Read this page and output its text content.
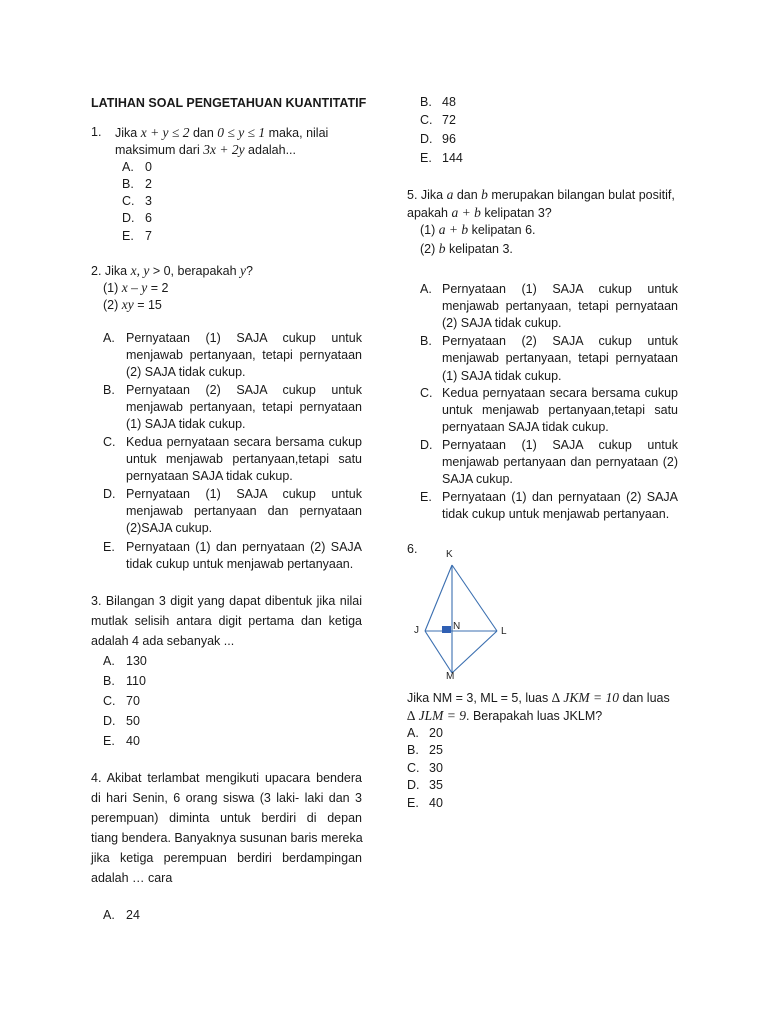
LATIHAN SOAL PENGETAHUAN KUANTITATIF
1. Jika x + y ≤ 2 dan 0 ≤ y ≤ 1 maka, nilai
maksimum dari 3x + 2y adalah...
A. 0
B. 2
C. 3
D. 6
E. 7
2. Jika x, y > 0, berapakah y?
(1) x – y = 2
(2) xy = 15
A. Pernyataan (1) SAJA cukup untuk
menjawab pertanyaan, tetapi pernyataan
(2) SAJA tidak cukup.
B. Pernyataan (2) SAJA cukup untuk
menjawab pertanyaan, tetapi pernyataan
(1) SAJA tidak cukup.
C. Kedua pernyataan secara bersama cukup
untuk menjawab pertanyaan,tetapi satu
pernyataan SAJA tidak cukup.
D. Pernyataan (1) SAJA cukup untuk
menjawab pertanyaan dan pernyataan
(2)SAJA cukup.
E. Pernyataan (1) dan pernyataan (2) SAJA
tidak cukup untuk menjawab pertanyaan.
3. Bilangan 3 digit yang dapat dibentuk jika nilai
mutlak selisih antara digit pertama dan ketiga
adalah 4 ada sebanyak ...
A. 130
B. 110
C. 70
D. 50
E. 40
4. Akibat terlambat mengikuti upacara bendera
di hari Senin, 6 orang siswa (3 laki- laki dan 3
perempuan) diminta untuk berdiri di depan
tiang bendera. Banyaknya susunan baris mereka
jika ketiga perempuan berdiri berdampingan
adalah … cara
A. 24
B. 48
C. 72
D. 96
E. 144
5. Jika a dan b merupakan bilangan bulat positif,
apakah a + b kelipatan 3?
(1) a + b kelipatan 6.
(2) b kelipatan 3.
A. Pernyataan (1) SAJA cukup untuk
menjawab pertanyaan, tetapi pernyataan
(2) SAJA tidak cukup.
B. Pernyataan (2) SAJA cukup untuk
menjawab pertanyaan, tetapi pernyataan
(1) SAJA tidak cukup.
C. Kedua pernyataan secara bersama cukup
untuk menjawab pertanyaan,tetapi satu
pernyataan SAJA tidak cukup.
D. Pernyataan (1) SAJA cukup untuk
menjawab pertanyaan dan pernyataan (2)
SAJA cukup.
E. Pernyataan (1) dan pernyataan (2) SAJA
tidak cukup untuk menjawab pertanyaan.
6.	K
J	N	L
M
Jika NM = 3, ML = 5, luas ∆ JKM = 10 dan luas
∆ JLM = 9. Berapakah luas JKLM?
A. 20
B. 25
C. 30
D. 35
E. 40
